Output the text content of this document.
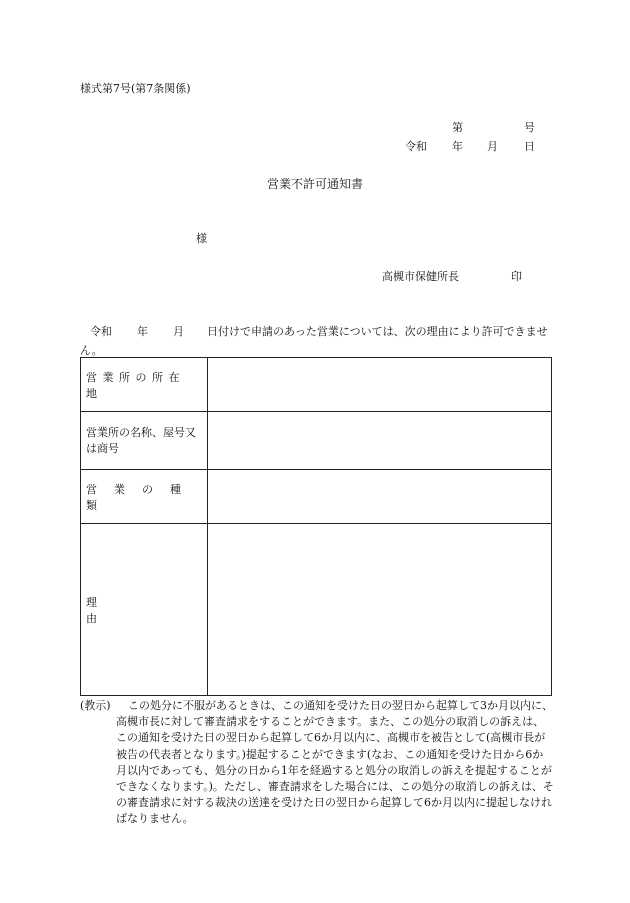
様式第7号(第7条関係)
第	号
令和 年 月 日
営業不許可通知書
様
高槻市保健所長	印
令和 年 月 日付けで申請のあった営業については、次の理由により許可できません。
営業所の所在地	

営業所の名称、屋号又は商号	

営業の種類	

理由	

(教示)	この処分に不服があるときは、この通知を受けた日の翌日から起算して3か月以内に、高槻市長に対して審査請求をすることができます。また、この処分の取消しの訴えは、この通知を受けた日の翌日から起算して6か月以内に、高槻市を被告として(高槻市長が被告の代表者となります。)提起することができます(なお、この通知を受けた日から6か月以内であっても、処分の日から1年を経過すると処分の取消しの訴えを提起することができなくなります。)。ただし、審査請求をした場合には、この処分の取消しの訴えは、その審査請求に対する裁決の送達を受けた日の翌日から起算して6か月以内に提起しなければなりません。
